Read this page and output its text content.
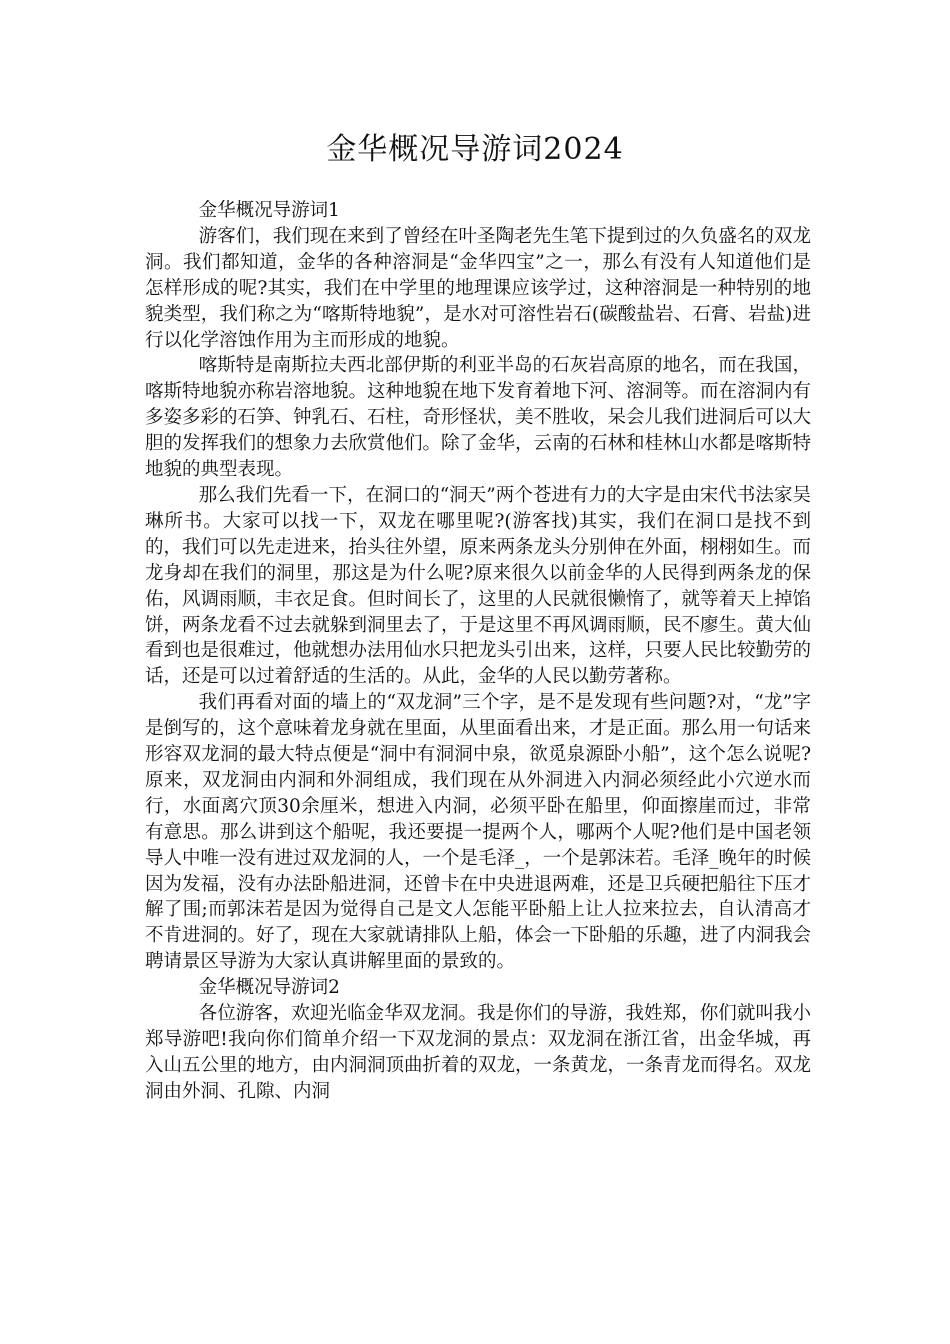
金华概况导游词2024
金华概况导游词1

游客们，我们现在来到了曾经在叶圣陶老先生笔下提到过的久负盛名的双龙洞。我们都知道，金华的各种溶洞是“金华四宝”之一，那么有没有人知道他们是怎样形成的呢?其实，我们在中学里的地理课应该学过，这种溶洞是一种特别的地貌类型，我们称之为“喀斯特地貌”，是水对可溶性岩石(碳酸盐岩、石膏、岩盐)进行以化学溶蚀作用为主而形成的地貌。

喀斯特是南斯拉夫西北部伊斯的利亚半岛的石灰岩高原的地名，而在我国，喀斯特地貌亦称岩溶地貌。这种地貌在地下发育着地下河、溶洞等。而在溶洞内有多姿多彩的石笋、钟乳石、石柱，奇形怪状，美不胜收，呆会儿我们进洞后可以大胆的发挥我们的想象力去欣赏他们。除了金华，云南的石林和桂林山水都是喀斯特地貌的典型表现。

那么我们先看一下，在洞口的“洞天”两个苍进有力的大字是由宋代书法家吴琳所书。大家可以找一下，双龙在哪里呢?(游客找)其实，我们在洞口是找不到的，我们可以先走进来，抬头往外望，原来两条龙头分别伸在外面，栩栩如生。而龙身却在我们的洞里，那这是为什么呢?原来很久以前金华的人民得到两条龙的保佑，风调雨顺，丰衣足食。但时间长了，这里的人民就很懒惰了，就等着天上掉馅饼，两条龙看不过去就躲到洞里去了，于是这里不再风调雨顺，民不廖生。黄大仙看到也是很难过，他就想办法用仙水只把龙头引出来，这样，只要人民比较勤劳的话，还是可以过着舒适的生活的。从此，金华的人民以勤劳著称。

我们再看对面的墙上的“双龙洞”三个字，是不是发现有些问题?对，“龙”字是倒写的，这个意味着龙身就在里面，从里面看出来，才是正面。那么用一句话来形容双龙洞的最大特点便是“洞中有洞洞中泉，欲觅泉源卧小船”，这个怎么说呢?原来，双龙洞由内洞和外洞组成，我们现在从外洞进入内洞必须经此小穴逆水而行，水面离穴顶30余厘米，想进入内洞，必须平卧在船里，仰面擦崖而过，非常有意思。那么讲到这个船呢，我还要提一提两个人，哪两个人呢?他们是中国老领导人中唯一没有进过双龙洞的人，一个是毛泽_，一个是郭沫若。毛泽_晚年的时候因为发福，没有办法卧船进洞，还曾卡在中央进退两难，还是卫兵硬把船往下压才解了围;而郭沫若是因为觉得自己是文人怎能平卧船上让人拉来拉去，自认清高才不肯进洞的。好了，现在大家就请排队上船，体会一下卧船的乐趣，进了内洞我会聘请景区导游为大家认真讲解里面的景致的。

金华概况导游词2

各位游客，欢迎光临金华双龙洞。我是你们的导游，我姓郑，你们就叫我小郑导游吧!我向你们简单介绍一下双龙洞的景点：双龙洞在浙江省，出金华城，再入山五公里的地方，由内洞洞顶曲折着的双龙，一条黄龙，一条青龙而得名。双龙洞由外洞、孔隙、内洞
